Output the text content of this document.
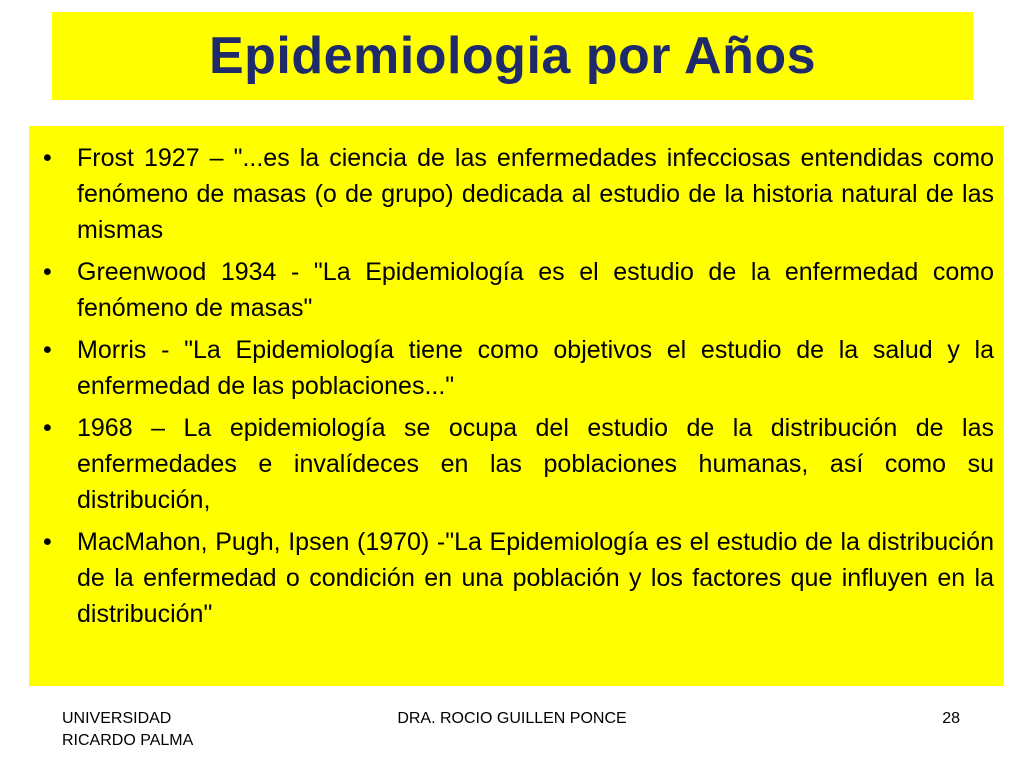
Epidemiologia por Años
• Frost 1927 – "...es la ciencia de las enfermedades infecciosas entendidas como fenómeno de masas (o de grupo) dedicada al estudio de la historia natural de las mismas
• Greenwood 1934 - "La Epidemiología es el estudio de la enfermedad como fenómeno de masas"
• Morris - "La Epidemiología tiene como objetivos el estudio de la salud y la enfermedad de las poblaciones..."
• 1968 – La epidemiología se ocupa del estudio de la distribución de las enfermedades e invalídeces en las poblaciones humanas, así como su distribución,
• MacMahon, Pugh, Ipsen (1970) -"La Epidemiología es el estudio de la distribución de la enfermedad o condición en una población y los factores que influyen en la distribución"
UNIVERSIDAD
RICARDO PALMA
DRA. ROCIO GUILLEN PONCE	28
